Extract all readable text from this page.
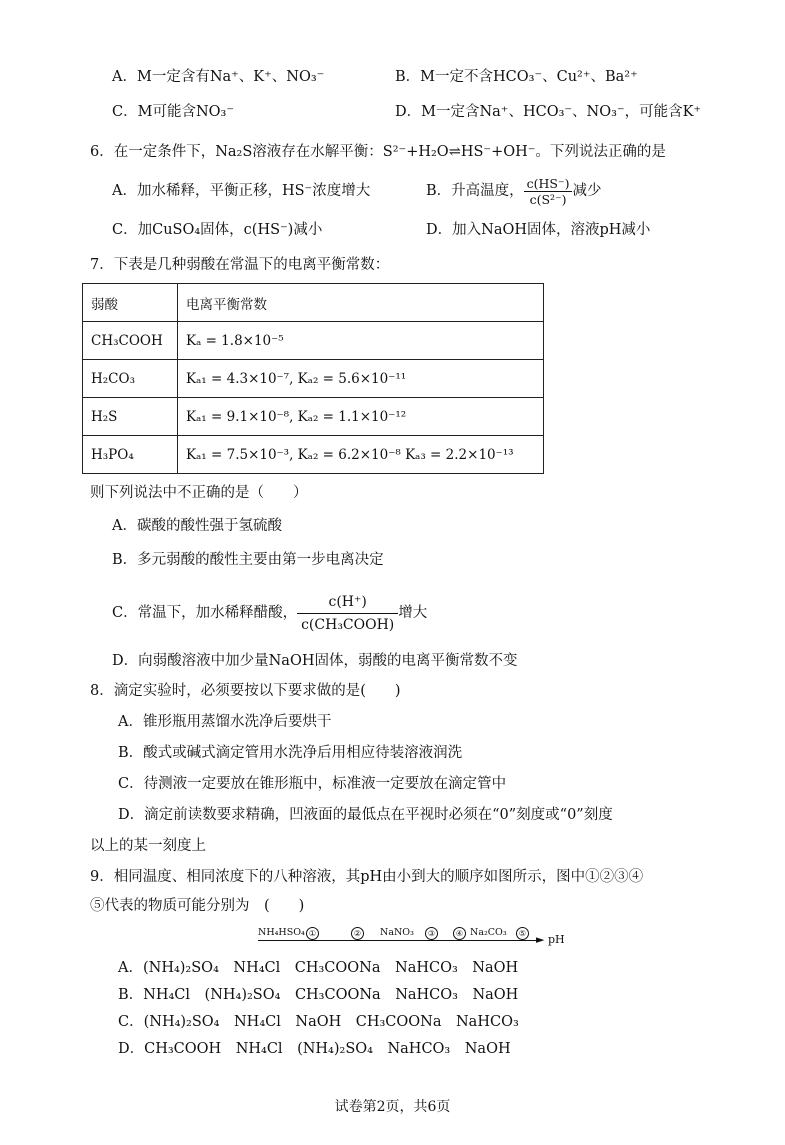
A．M一定含有Na⁺、K⁺、NO₃⁻	B．M一定不含HCO₃⁻、Cu²⁺、Ba²⁺
C．M可能含NO₃⁻	D．M一定含Na⁺、HCO₃⁻、NO₃⁻，可能含K⁺
6．在一定条件下，Na₂S溶液存在水解平衡：S²⁻+H₂O⇌HS⁻+OH⁻。下列说法正确的是
A．加水稀释，平衡正移，HS⁻浓度增大	B．升高温度， $\frac{c(HS^-)}{\text{c(S²⁻)}}$ 减少
C．加CuSO₄固体，c(HS⁻)减小	D．加入NaOH固体，溶液pH减小
7．下表是几种弱酸在常温下的电离平衡常数：
弱酸	电离平衡常数
CH₃COOH	Kₐ = 1.8×10⁻⁵
H₂CO₃	Kₐ₁ = 4.3×10⁻⁷, Kₐ₂ = 5.6×10⁻¹¹
H₂S	Kₐ₁ = 9.1×10⁻⁸, Kₐ₂ = 1.1×10⁻¹²
H₃PO₄	Kₐ₁ = 7.5×10⁻³, Kₐ₂ = 6.2×10⁻⁸ Kₐ₃ = 2.2×10⁻¹³
则下列说法中不正确的是（　　）
A．碳酸的酸性强于氢硫酸
B．多元弱酸的酸性主要由第一步电离决定
C．常温下，加水稀释醋酸， $\frac{c(H^+)}{\text{c(CH₃COOH)}}$ 增大
D．向弱酸溶液中加少量NaOH固体，弱酸的电离平衡常数不变
8．滴定实验时，必须要按以下要求做的是(　　)
A．锥形瓶用蒸馏水洗净后要烘干
B．酸式或碱式滴定管用水洗净后用相应待装溶液润洗
C．待测液一定要放在锥形瓶中，标准液一定要放在滴定管中
D．滴定前读数要求精确，凹液面的最低点在平视时必须在“0”刻度或“0”刻度
以上的某一刻度上
9．相同温度、相同浓度下的八种溶液，其pH由小到大的顺序如图所示，图中①②③④
⑤代表的物质可能分别为　(　　)
NH₄HSO₄ ①	②	NaNO₃	③	④ Na₂CO₃	⑤ ► pH
A．(NH₄)₂SO₄　NH₄Cl　CH₃COONa　NaHCO₃　NaOH
B．NH₄Cl　(NH₄)₂SO₄　CH₃COONa　NaHCO₃　NaOH
C．(NH₄)₂SO₄　NH₄Cl　NaOH　CH₃COONa　NaHCO₃
D．CH₃COOH　NH₄Cl　(NH₄)₂SO₄　NaHCO₃　NaOH
试卷第2页，共6页
